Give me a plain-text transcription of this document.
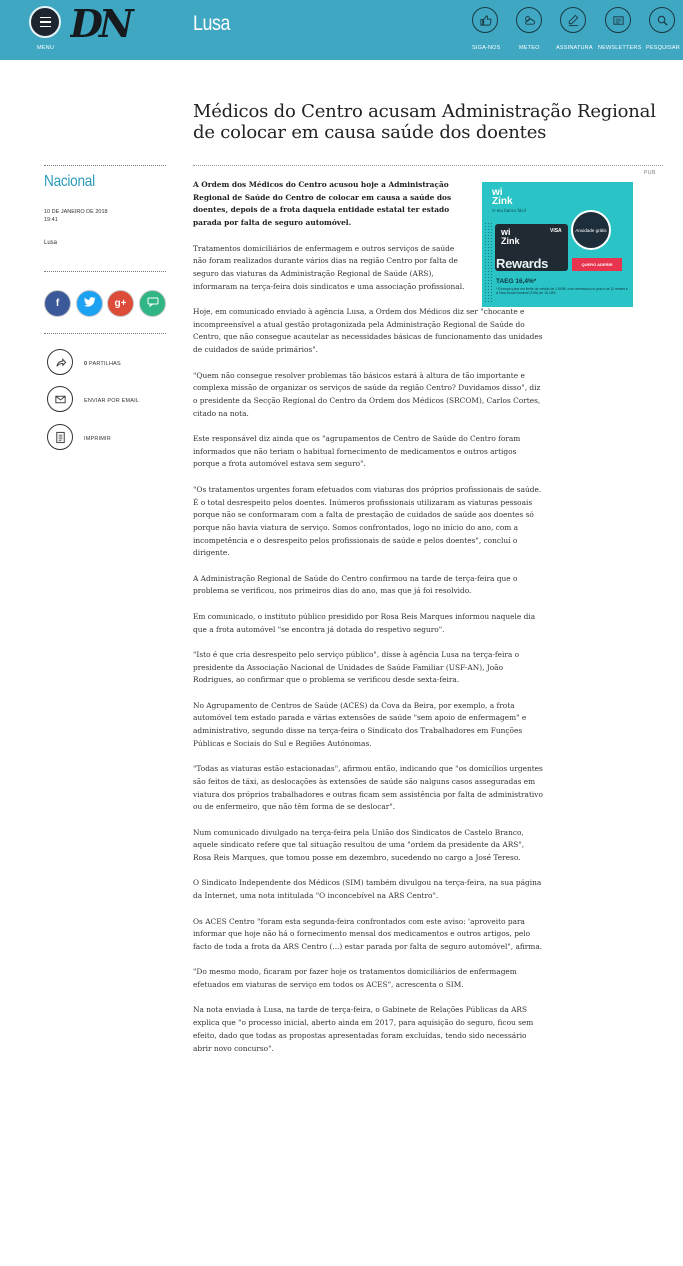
MENU
DN	Lusa
SIGA-NOS	METEO	ASSINATURA NEWSLETTERS PESQUISAR
Médicos do Centro acusam Administração Regional de colocar em causa saúde dos doentes
Nacional
10 DE JANEIRO DE 2018
19:41
Lusa
f	g+
0 PARTILHAS
ENVIAR POR EMAIL
IMPRIMIR
PUB
wi
Zink
O teu banco fácil
wi
Zink
VISA
Rewards
Anuidade grátis
QUERO ADERIR
TAEG 16,4%*
* Exemplo para um limite de crédito de 1.500€, com reembolso no prazo de 12 meses e à Taxa Anual Nominal (TAN) de 16,18%.

A Ordem dos Médicos do Centro acusou hoje a Administração Regional de Saúde do Centro de colocar em causa a saúde dos doentes, depois de a frota daquela entidade estatal ter estado parada por falta de seguro automóvel.

Tratamentos domiciliários de enfermagem e outros serviços de saúde não foram realizados durante vários dias na região Centro por falta de seguro das viaturas da Administração Regional de Saúde (ARS), informaram na terça-feira dois sindicatos e uma associação profissional.

Hoje, em comunicado enviado à agência Lusa, a Ordem dos Médicos diz ser "chocante e incompreensível a atual gestão protagonizada pela Administração Regional de Saúde do Centro, que não consegue acautelar as necessidades básicas de funcionamento das unidades de cuidados de saúde primários".

"Quem não consegue resolver problemas tão básicos estará à altura de tão importante e complexa missão de organizar os serviços de saúde da região Centro? Duvidamos disso", diz o presidente da Secção Regional do Centro da Ordem dos Médicos (SRCOM), Carlos Cortes, citado na nota.

Este responsável diz ainda que os "agrupamentos de Centro de Saúde do Centro foram informados que não teriam o habitual fornecimento de medicamentos e outros artigos porque a frota automóvel estava sem seguro".

"Os tratamentos urgentes foram efetuados com viaturas dos próprios profissionais de saúde. É o total desrespeito pelos doentes. Inúmeros profissionais utilizaram as viaturas pessoais porque não se conformaram com a falta de prestação de cuidados de saúde aos doentes só porque não havia viatura de serviço. Somos confrontados, logo no início do ano, com a incompetência e o desrespeito pelos profissionais de saúde e pelos doentes", concluí o dirigente.

A Administração Regional de Saúde do Centro confirmou na tarde de terça-feira que o problema se verificou, nos primeiros dias do ano, mas que já foi resolvido.

Em comunicado, o instituto público presidido por Rosa Reis Marques informou naquele dia que a frota automóvel "se encontra já dotada do respetivo seguro".

"Isto é que cria desrespeito pelo serviço público", disse à agência Lusa na terça-feira o presidente da Associação Nacional de Unidades de Saúde Familiar (USF-AN), João Rodrigues, ao confirmar que o problema se verificou desde sexta-feira.

No Agrupamento de Centros de Saúde (ACES) da Cova da Beira, por exemplo, a frota automóvel tem estado parada e várias extensões de saúde "sem apoio de enfermagem" e administrativo, segundo disse na terça-feira o Sindicato dos Trabalhadores em Funções Públicas e Sociais do Sul e Regiões Autónomas.

"Todas as viaturas estão estacionadas", afirmou então, indicando que "os domicílios urgentes são feitos de táxi, as deslocações às extensões de saúde são nalguns casos asseguradas em viatura dos próprios trabalhadores e outras ficam sem assistência por falta de administrativo ou de enfermeiro, que não têm forma de se deslocar".

Num comunicado divulgado na terça-feira pela União dos Sindicatos de Castelo Branco, aquele sindicato refere que tal situação resultou de uma "ordem da presidente da ARS", Rosa Reis Marques, que tomou posse em dezembro, sucedendo no cargo a José Tereso.

O Sindicato Independente dos Médicos (SIM) também divulgou na terça-feira, na sua página da Internet, uma nota intitulada "O inconcebível na ARS Centro".

Os ACES Centro "foram esta segunda-feira confrontados com este aviso: 'aproveito para informar que hoje não há o fornecimento mensal dos medicamentos e outros artigos, pelo facto de toda a frota da ARS Centro (...) estar parada por falta de seguro automóvel", afirma.

"Do mesmo modo, ficaram por fazer hoje os tratamentos domiciliários de enfermagem efetuados em viaturas de serviço em todos os ACES", acrescenta o SIM.

Na nota enviada à Lusa, na tarde de terça-feira, o Gabinete de Relações Públicas da ARS explica que "o processo inicial, aberto ainda em 2017, para aquisição do seguro, ficou sem efeito, dado que todas as propostas apresentadas foram excluídas, tendo sido necessário abrir novo concurso".
